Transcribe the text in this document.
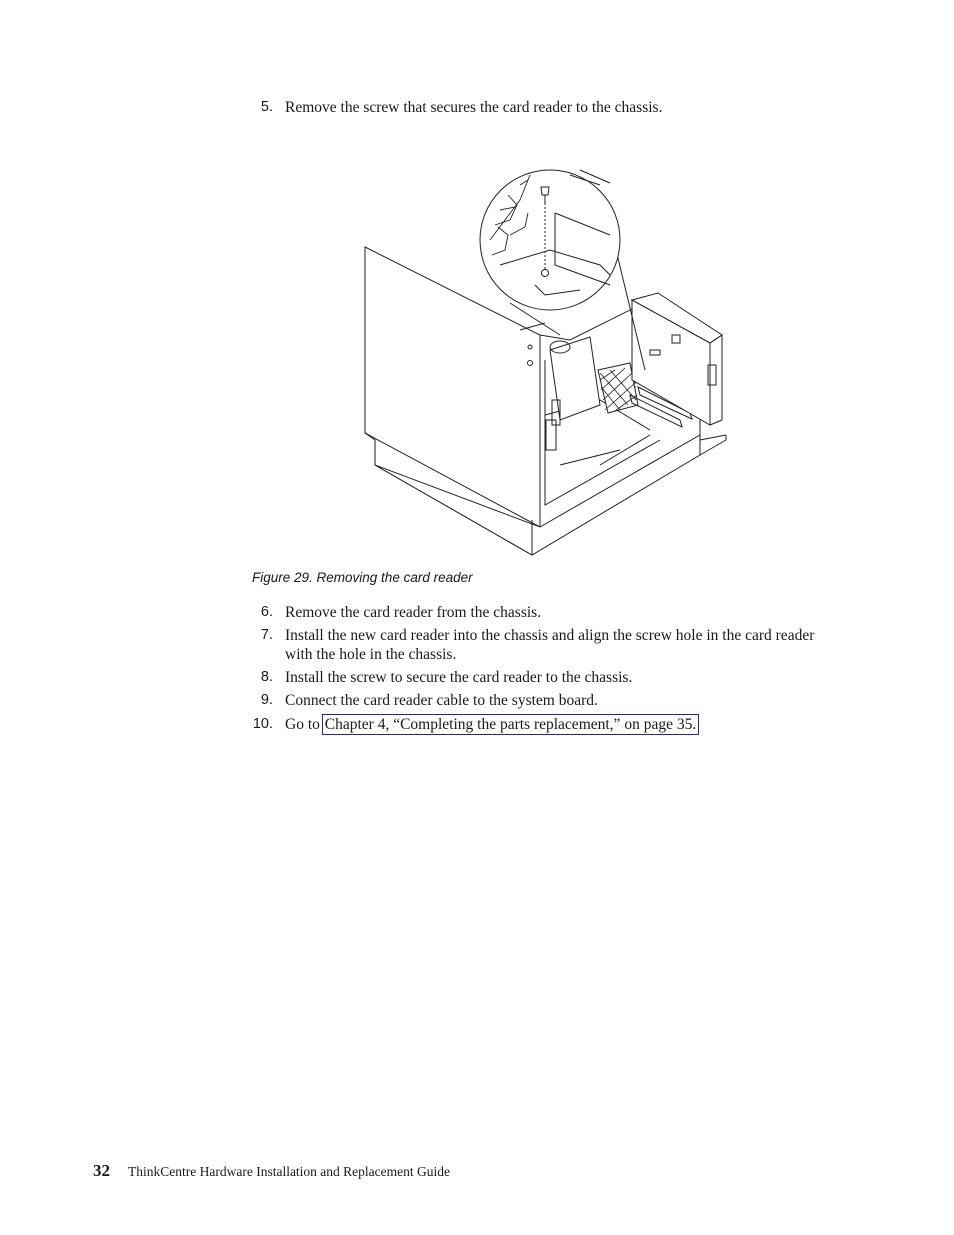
5. Remove the screw that secures the card reader to the chassis.
Figure 29. Removing the card reader
6. Remove the card reader from the chassis.
7. Install the new card reader into the chassis and align the screw hole in the card reader with the hole in the chassis.
8. Install the screw to secure the card reader to the chassis.
9. Connect the card reader cable to the system board.
10. Go to Chapter 4, “Completing the parts replacement,” on page 35.
32 ThinkCentre Hardware Installation and Replacement Guide
